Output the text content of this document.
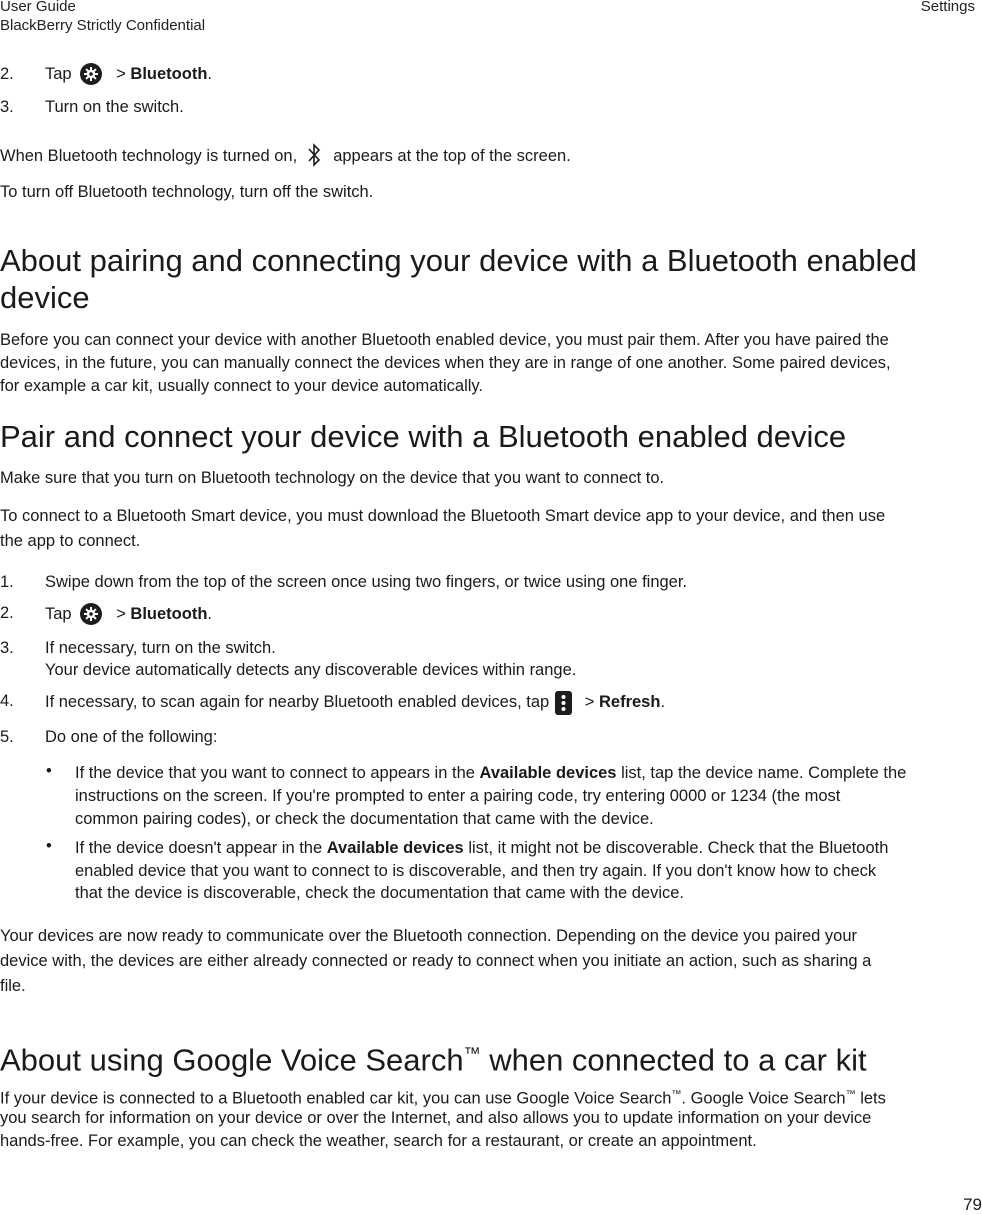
User Guide
BlackBerry Strictly Confidential
Settings
2. Tap
> Bluetooth.
3. Turn on the switch.
When Bluetooth technology is turned on, appears at the top of the screen.
To turn off Bluetooth technology, turn off the switch.
About pairing and connecting your device with a Bluetooth enabled
device
Before you can connect your device with another Bluetooth enabled device, you must pair them. After you have paired the
devices, in the future, you can manually connect the devices when they are in range of one another. Some paired devices,
for example a car kit, usually connect to your device automatically.
Pair and connect your device with a Bluetooth enabled device
Make sure that you turn on Bluetooth technology on the device that you want to connect to.
To connect to a Bluetooth Smart device, you must download the Bluetooth Smart device app to your device, and then use
the app to connect.
1. Swipe down from the top of the screen once using two fingers, or twice using one finger.
2. Tap
> Bluetooth.
3. If necessary, turn on the switch.
Your device automatically detects any discoverable devices within range.
4. If necessary, to scan again for nearby Bluetooth enabled devices, tap > Refresh.
5. Do one of the following:
• If the device that you want to connect to appears in the Available devices list, tap the device name. Complete the
instructions on the screen. If you're prompted to enter a pairing code, try entering 0000 or 1234 (the most
common pairing codes), or check the documentation that came with the device.
• If the device doesn't appear in the Available devices list, it might not be discoverable. Check that the Bluetooth
enabled device that you want to connect to is discoverable, and then try again. If you don't know how to check
that the device is discoverable, check the documentation that came with the device.
Your devices are now ready to communicate over the Bluetooth connection. Depending on the device you paired your
device with, the devices are either already connected or ready to connect when you initiate an action, such as sharing a
file.
About using Google Voice Search™ when connected to a car kit
If your device is connected to a Bluetooth enabled car kit, you can use Google Voice Search™. Google Voice Search™ lets
you search for information on your device or over the Internet, and also allows you to update information on your device
hands-free. For example, you can check the weather, search for a restaurant, or create an appointment.
79
